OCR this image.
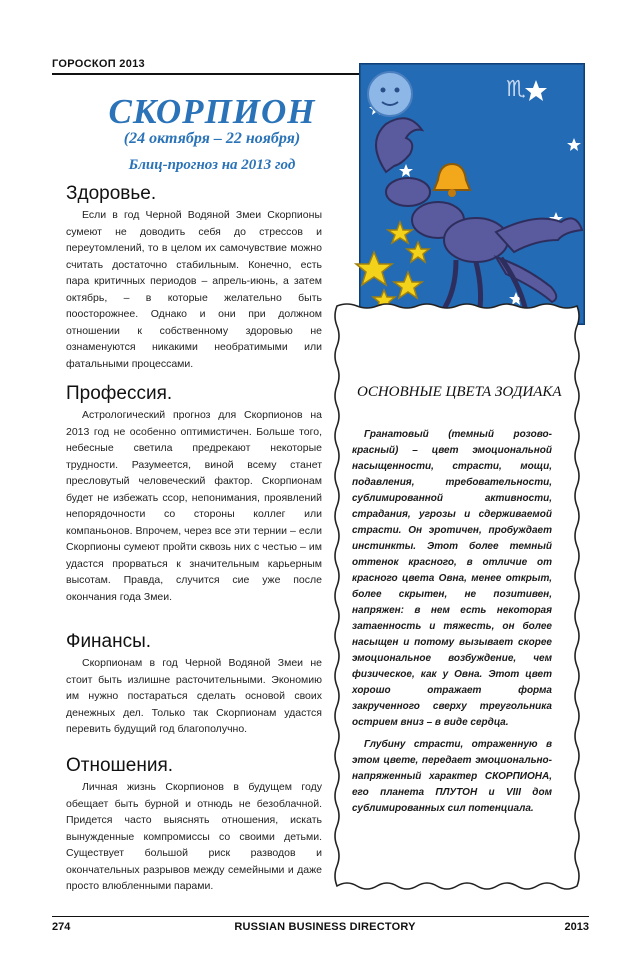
ГОРОСКОП 2013
СКОРПИОН
(24 октября – 22 ноября)
Блиц-прогноз на 2013 год
Здоровье.

Если в год Черной Водяной Змеи Скорпионы сумеют не доводить себя до стрессов и переутомлений, то в целом их самочувствие можно считать достаточно стабильным. Конечно, есть пара критичных периодов – апрель-июнь, а затем октябрь, – в которые желательно быть поосторожнее. Однако и они при должном отношении к собственному здоровью не ознаменуются никакими необратимыми или фатальными процессами.

Профессия.

Астрологический прогноз для Скорпионов на 2013 год не особенно оптимистичен. Больше того, небесные светила предрекают некоторые трудности. Разумеется, виной всему станет пресловутый человеческий фактор. Скорпионам будет не избежать ссор, непонимания, проявлений непорядочности со стороны коллег или компаньонов. Впрочем, через все эти тернии – если Скорпионы сумеют пройти сквозь них с честью – им удастся прорваться к значительным карьерным высотам. Правда, случится сие уже после окончания года Змеи.

Финансы.

Скорпионам в год Черной Водяной Змеи не стоит быть излишне расточительными. Экономию им нужно постараться сделать основой своих денежных дел. Только так Скорпионам удастся перевить будущий год благополучно.

Отношения.

Личная жизнь Скорпионов в будущем году обещает быть бурной и отнюдь не безоблачной. Придется часто выяснять отношения, искать вынужденные компромиссы со своими детьми. Существует большой риск разводов и окончательных разрывов между семейными и даже просто влюбленными парами.

♏
ОСНОВНЫЕ ЦВЕТА ЗОДИАКА

Гранатовый (темный розово-красный) – цвет эмоциональной насыщенности, страсти, мощи, подавления, требовательности, сублимированной активности, страдания, угрозы и сдерживаемой страсти. Он эротичен, пробуждает инстинкты. Этот более темный оттенок красного, в отличие от красного цвета Овна, менее открыт, более скрытен, не позитивен, напряжен: в нем есть некоторая затаенность и тяжесть, он более насыщен и потому вызывает скорее эмоциональное возбуждение, чем физическое, как у Овна. Этот цвет хорошо отражает форма закрученного сверху треугольника острием вниз – в виде сердца.

Глубину страсти, отраженную в этом цвете, передает эмоционально-напряженный характер СКОРПИОНА, его планета ПЛУТОН и VIII дом сублимированных сил потенциала.

274	RUSSIAN BUSINESS DIRECTORY	2013
